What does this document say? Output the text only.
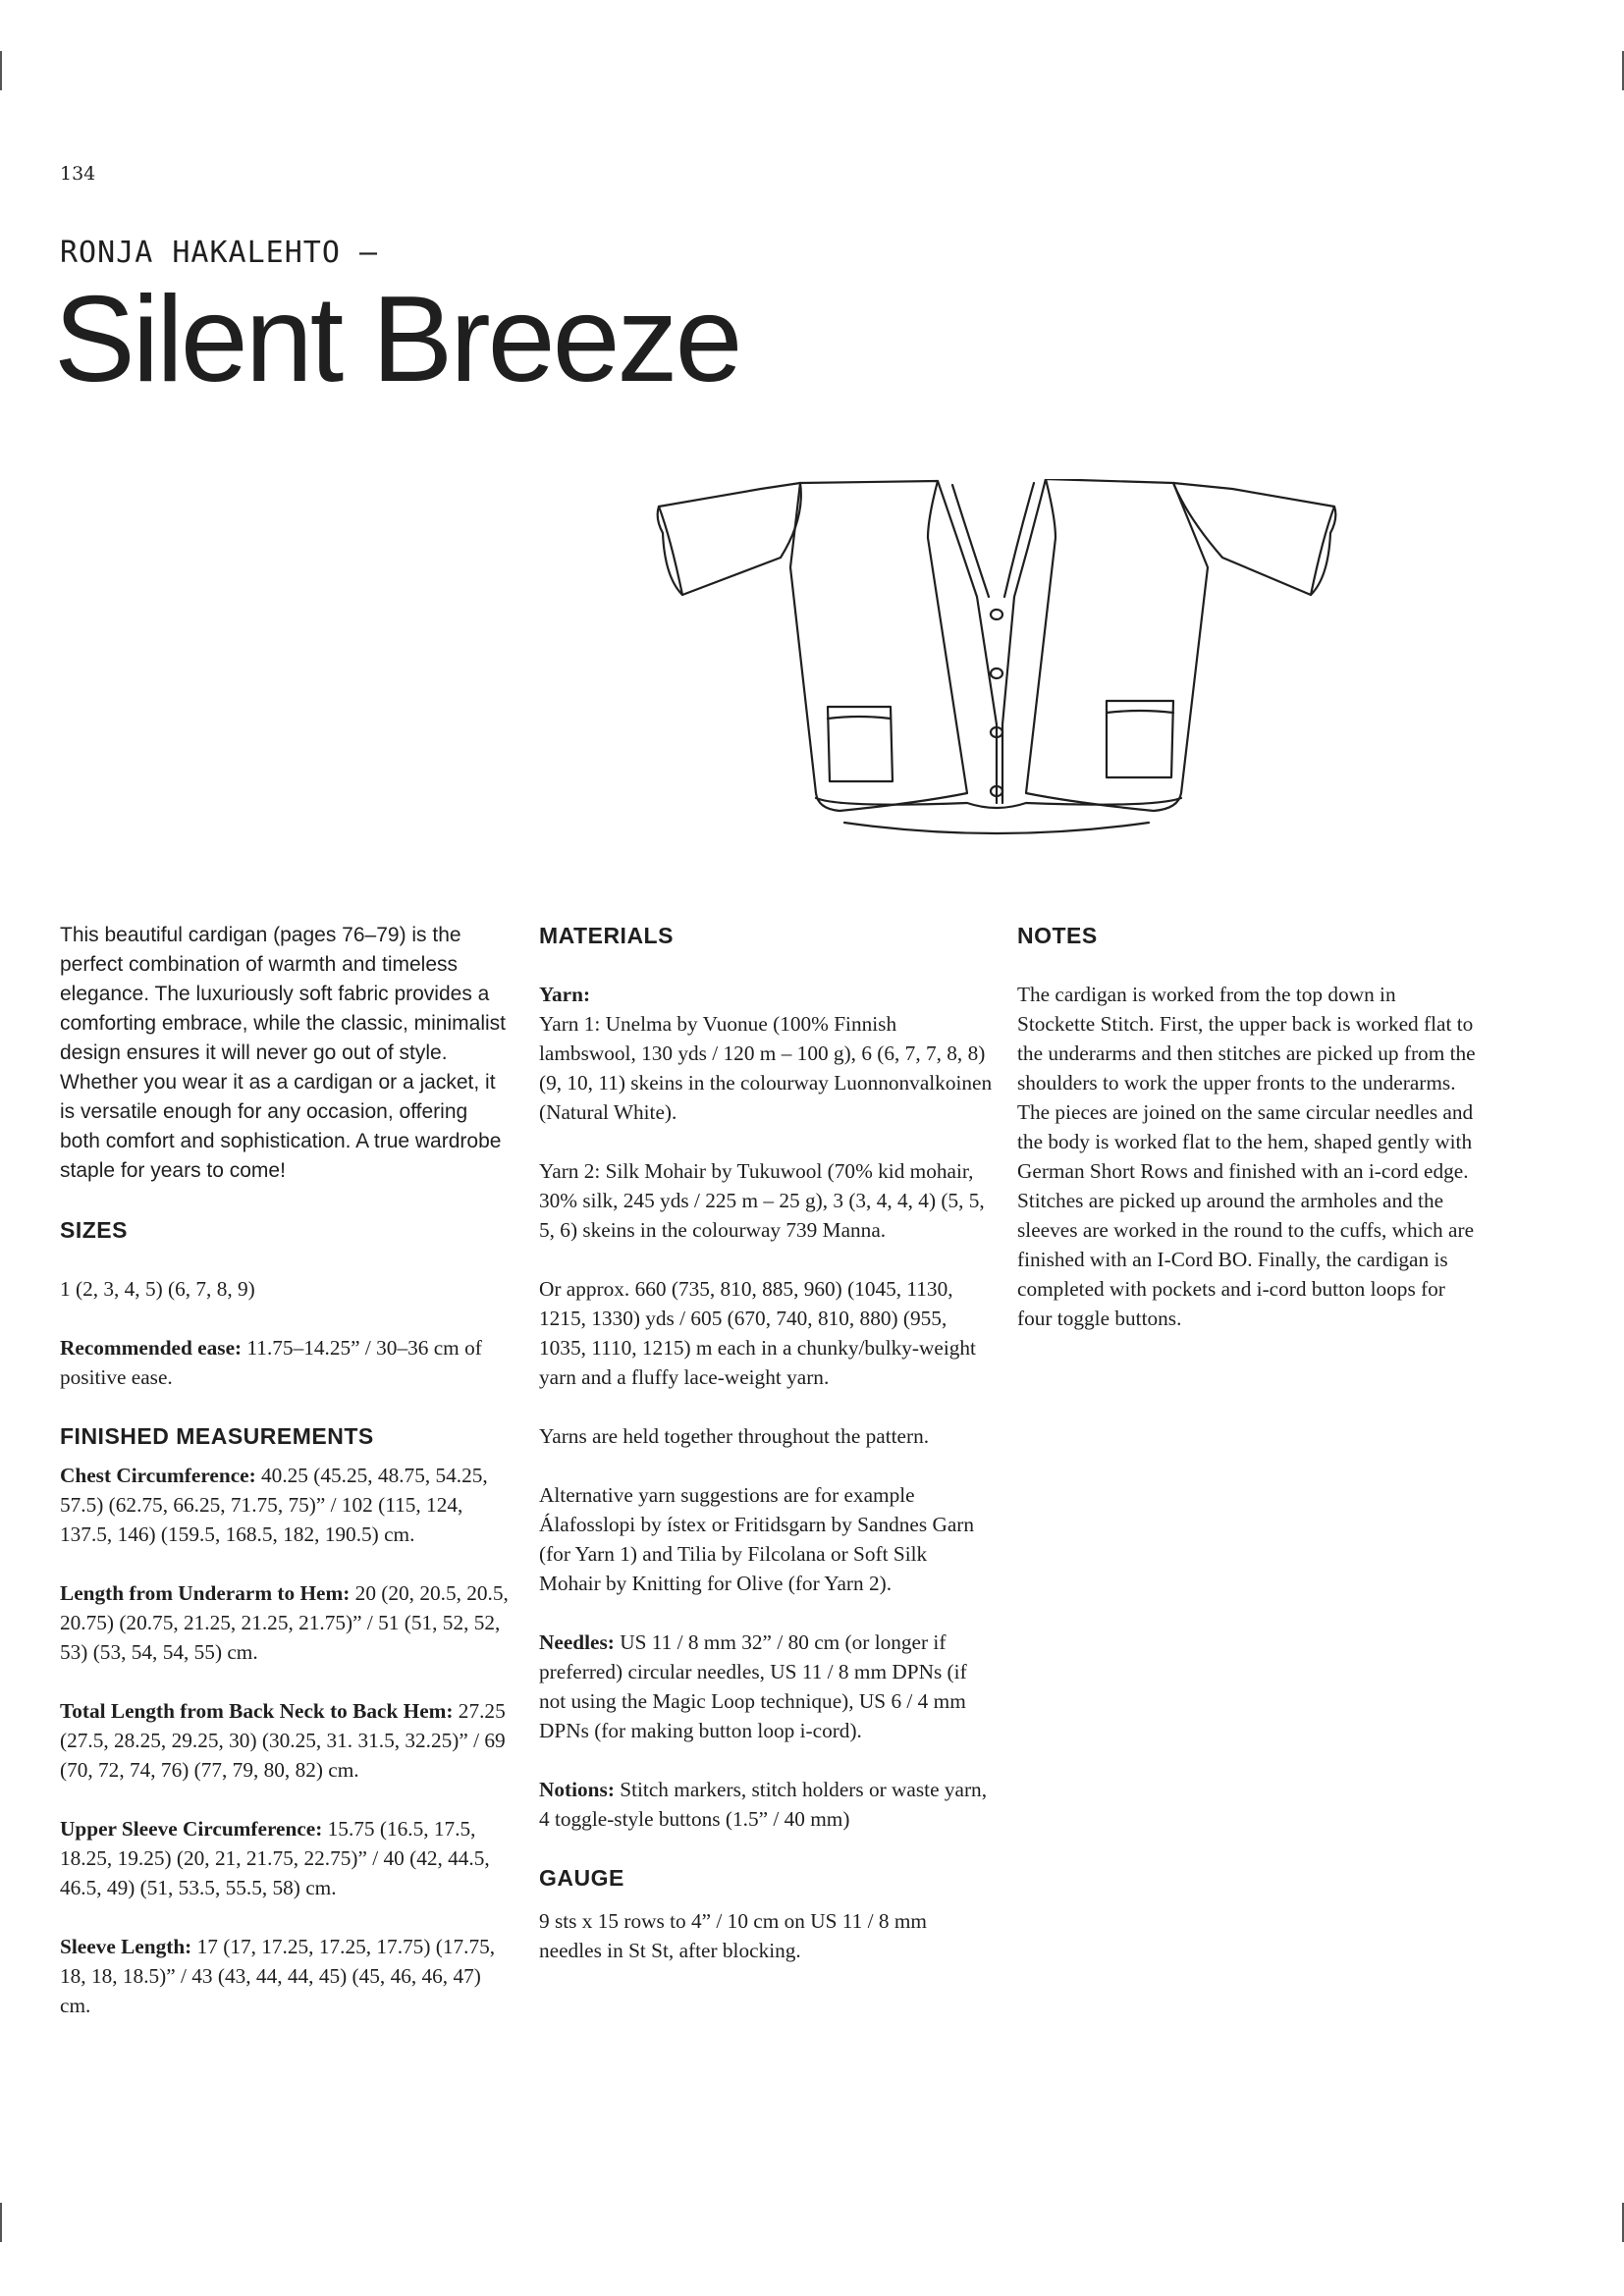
134
RONJA HAKALEHTO —
Silent Breeze

This beautiful cardigan (pages 76–79) is the perfect combination of warmth and timeless elegance. The luxuriously soft fabric provides a comforting embrace, while the classic, minimalist design ensures it will never go out of style. Whether you wear it as a cardigan or a jacket, it is versatile enough for any occasion, offering both comfort and sophistication. A true wardrobe staple for years to come!

SIZES

1 (2, 3, 4, 5) (6, 7, 8, 9)

Recommended ease: 11.75–14.25” / 30–36 cm of positive ease.

FINISHED MEASUREMENTS

Chest Circumference: 40.25 (45.25, 48.75, 54.25, 57.5) (62.75, 66.25, 71.75, 75)” / 102 (115, 124, 137.5, 146) (159.5, 168.5, 182, 190.5) cm.

Length from Underarm to Hem: 20 (20, 20.5, 20.5, 20.75) (20.75, 21.25, 21.25, 21.75)” / 51 (51, 52, 52, 53) (53, 54, 54, 55) cm.

Total Length from Back Neck to Back Hem: 27.25 (27.5, 28.25, 29.25, 30) (30.25, 31. 31.5, 32.25)” / 69 (70, 72, 74, 76) (77, 79, 80, 82) cm.

Upper Sleeve Circumference: 15.75 (16.5, 17.5, 18.25, 19.25) (20, 21, 21.75, 22.75)” / 40 (42, 44.5, 46.5, 49) (51, 53.5, 55.5, 58) cm.

Sleeve Length: 17 (17, 17.25, 17.25, 17.75) (17.75, 18, 18, 18.5)” / 43 (43, 44, 44, 45) (45, 46, 46, 47) cm.

MATERIALS

Yarn:

Yarn 1: Unelma by Vuonue (100% Finnish lambswool, 130 yds / 120 m – 100 g), 6 (6, 7, 7, 8, 8) (9, 10, 11) skeins in the colourway Luonnonvalkoinen (Natural White).

Yarn 2: Silk Mohair by Tukuwool (70% kid mohair, 30% silk, 245 yds / 225 m – 25 g), 3 (3, 4, 4, 4) (5, 5, 5, 6) skeins in the colourway 739 Manna.

Or approx. 660 (735, 810, 885, 960) (1045, 1130, 1215, 1330) yds / 605 (670, 740, 810, 880) (955, 1035, 1110, 1215) m each in a chunky/bulky-weight yarn and a fluffy lace-weight yarn.

Yarns are held together throughout the pattern.

Alternative yarn suggestions are for example Álafosslopi by ístex or Fritidsgarn by Sandnes Garn (for Yarn 1) and Tilia by Filcolana or Soft Silk Mohair by Knitting for Olive (for Yarn 2).

Needles: US 11 / 8 mm 32” / 80 cm (or longer if preferred) circular needles, US 11 / 8 mm DPNs (if not using the Magic Loop technique), US 6 / 4 mm DPNs (for making button loop i-cord).

Notions: Stitch markers, stitch holders or waste yarn, 4 toggle-style buttons (1.5” / 40 mm)

GAUGE

9 sts x 15 rows to 4” / 10 cm on US 11 / 8 mm needles in St St, after blocking.

NOTES

The cardigan is worked from the top down in Stockette Stitch. First, the upper back is worked flat to the underarms and then stitches are picked up from the shoulders to work the upper fronts to the underarms. The pieces are joined on the same circular needles and the body is worked flat to the hem, shaped gently with German Short Rows and finished with an i-cord edge. Stitches are picked up around the armholes and the sleeves are worked in the round to the cuffs, which are finished with an I-Cord BO. Finally, the cardigan is completed with pockets and i-cord button loops for four toggle buttons.
